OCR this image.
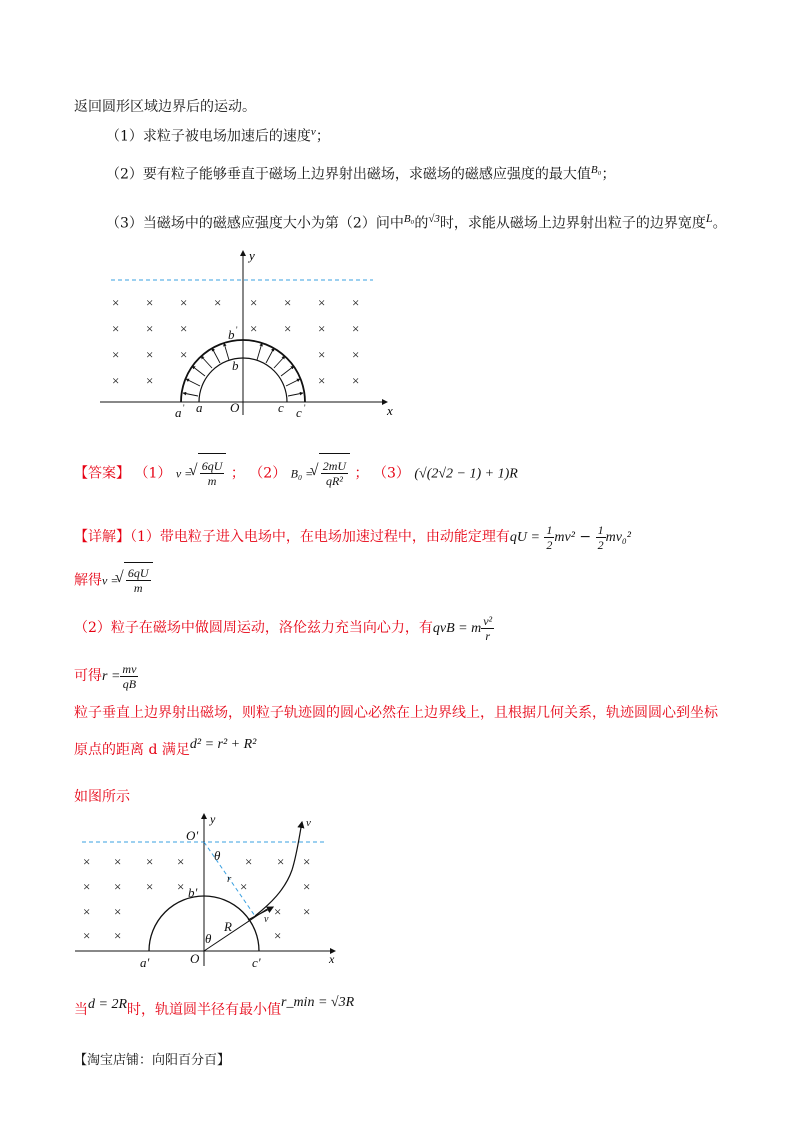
返回圆形区域边界后的运动。
（1）求粒子被电场加速后的速度$^v$；
（2）要有粒子能够垂直于磁场上边界射出磁场，求磁场的磁感应强度的最大值$^{B_0}$；
（3）当磁场中的磁感应强度大小为第（2）问中$^{B_0}$的$^{√3}$时，求能从磁场上边界射出粒子的边界宽度$^L$。
x
y
× × × × × × × ×
× × ×	× × × ×
× × ×	× ×
× ×	× ×
a ' a O	c c '
b '
b
【答案】 （1） v = √ $\frac{6qU}{m}$ ； （2） B₀ = √ $\frac{2mU}{\text{qR²}}$ ； （3） (√(2√2 − 1) + 1)R
【详解】（1）带电粒子进入电场中，在电场加速过程中，由动能定理有qU = $\frac{1}{2} mv^2 - \frac{1}{2} mv_0^2$
解得v = √ $\frac{6qU}{m}$
（2）粒子在磁场中做圆周运动，洛伦兹力充当向心力，有qvB = m $\frac{\text{v²}}{r}$
可得$r = \frac{mv}{qB}$
粒子垂直上边界射出磁场，则粒子轨迹圆的圆心必然在上边界线上，且根据几何关系，轨迹圆圆心到坐标
原点的距离 d 满足d² = r² + R²
如图所示
x
y
× × × ×	× × ×
× × × ×	×	×
× ×	× ×
× ×	×
O'
θ
r
b'
R
θ
v
v
a'	O	c'
当d = 2R时，轨道圆半径有最小值r_min = √3R
【淘宝店铺：向阳百分百】
